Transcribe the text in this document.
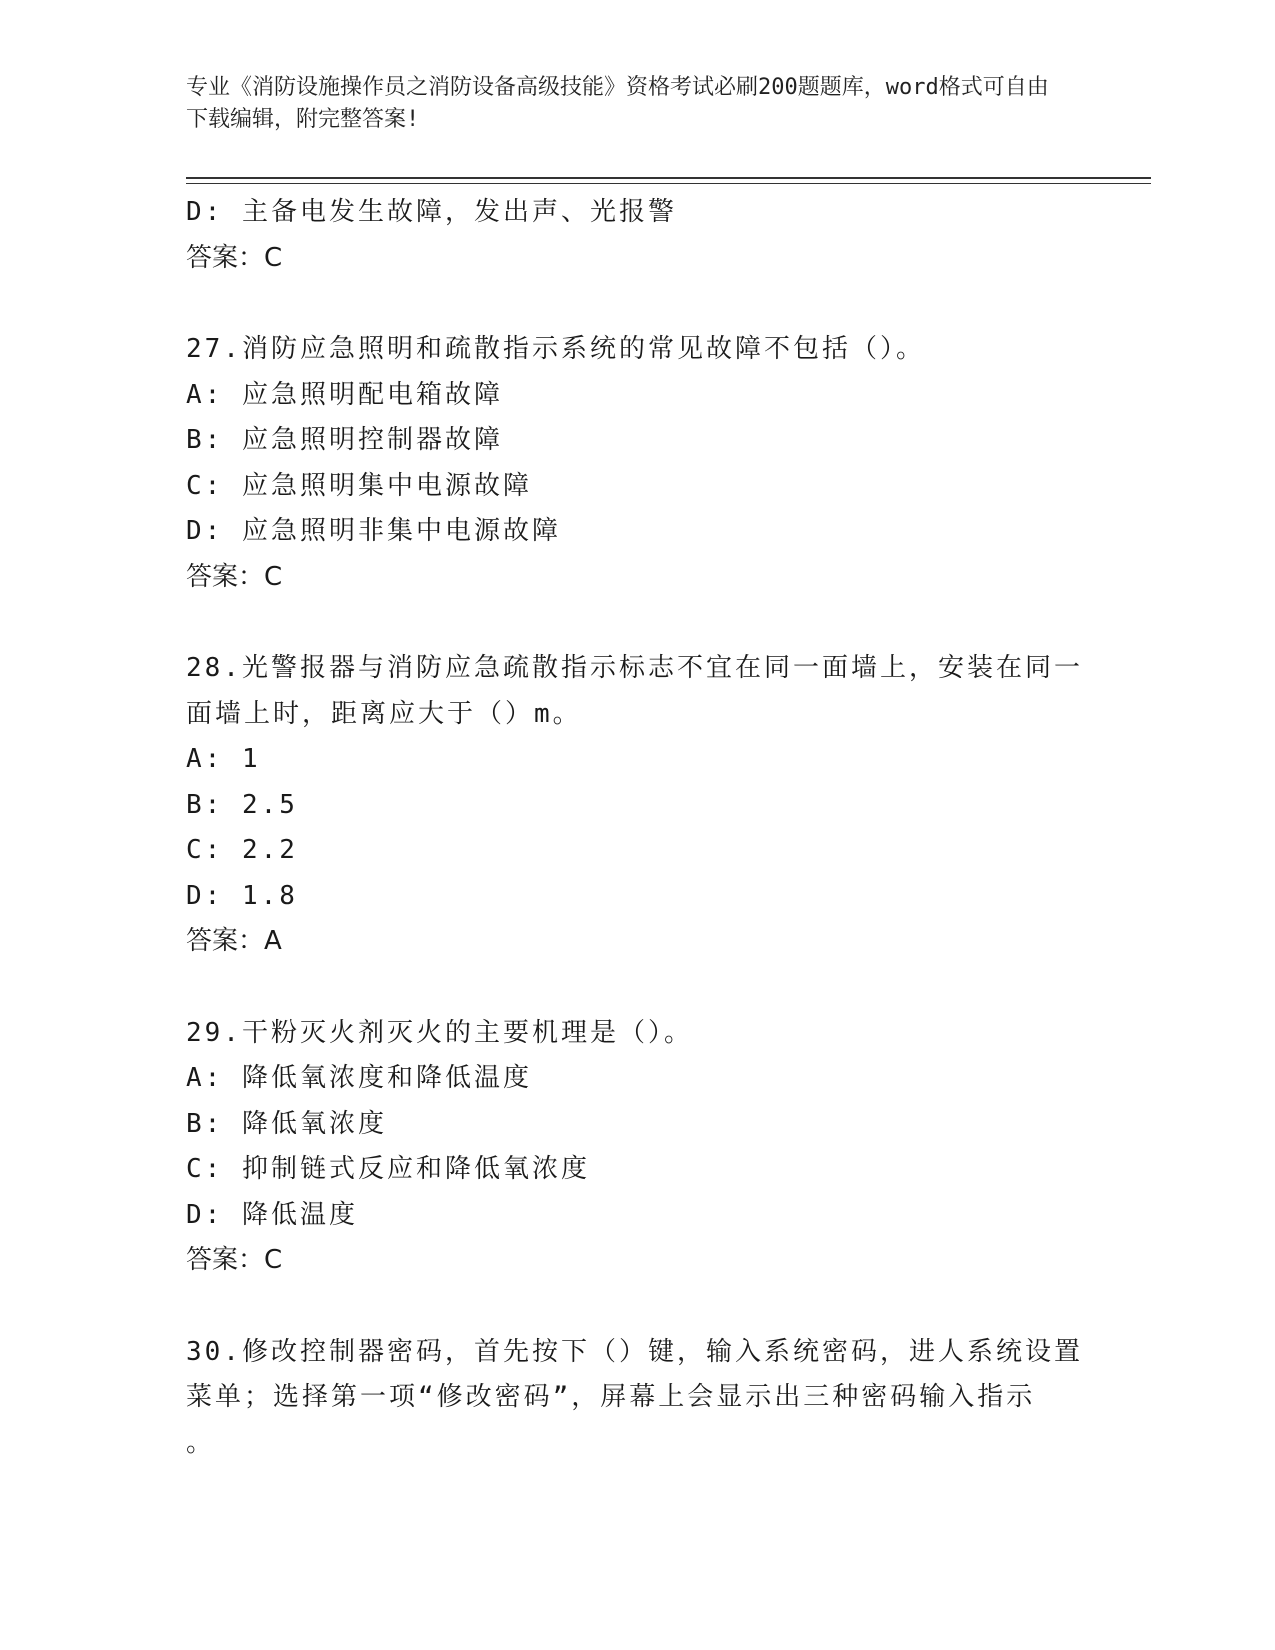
专业《消防设施操作员之消防设备高级技能》资格考试必刷200题题库，word格式可自由下载编辑，附完整答案!
D: 主备电发生故障，发出声、光报警
答案：C
27.消防应急照明和疏散指示系统的常见故障不包括（）。
A: 应急照明配电箱故障
B: 应急照明控制器故障
C: 应急照明集中电源故障
D: 应急照明非集中电源故障
答案：C
28.光警报器与消防应急疏散指示标志不宜在同一面墙上，安装在同一
面墙上时，距离应大于（）m。
A: 1
B: 2.5
C: 2.2
D: 1.8
答案：A
29.干粉灭火剂灭火的主要机理是（）。
A: 降低氧浓度和降低温度
B: 降低氧浓度
C: 抑制链式反应和降低氧浓度
D: 降低温度
答案：C
30.修改控制器密码，首先按下（）键，输入系统密码，进人系统设置
菜单；选择第一项“修改密码”，屏幕上会显示出三种密码输入指示
。
